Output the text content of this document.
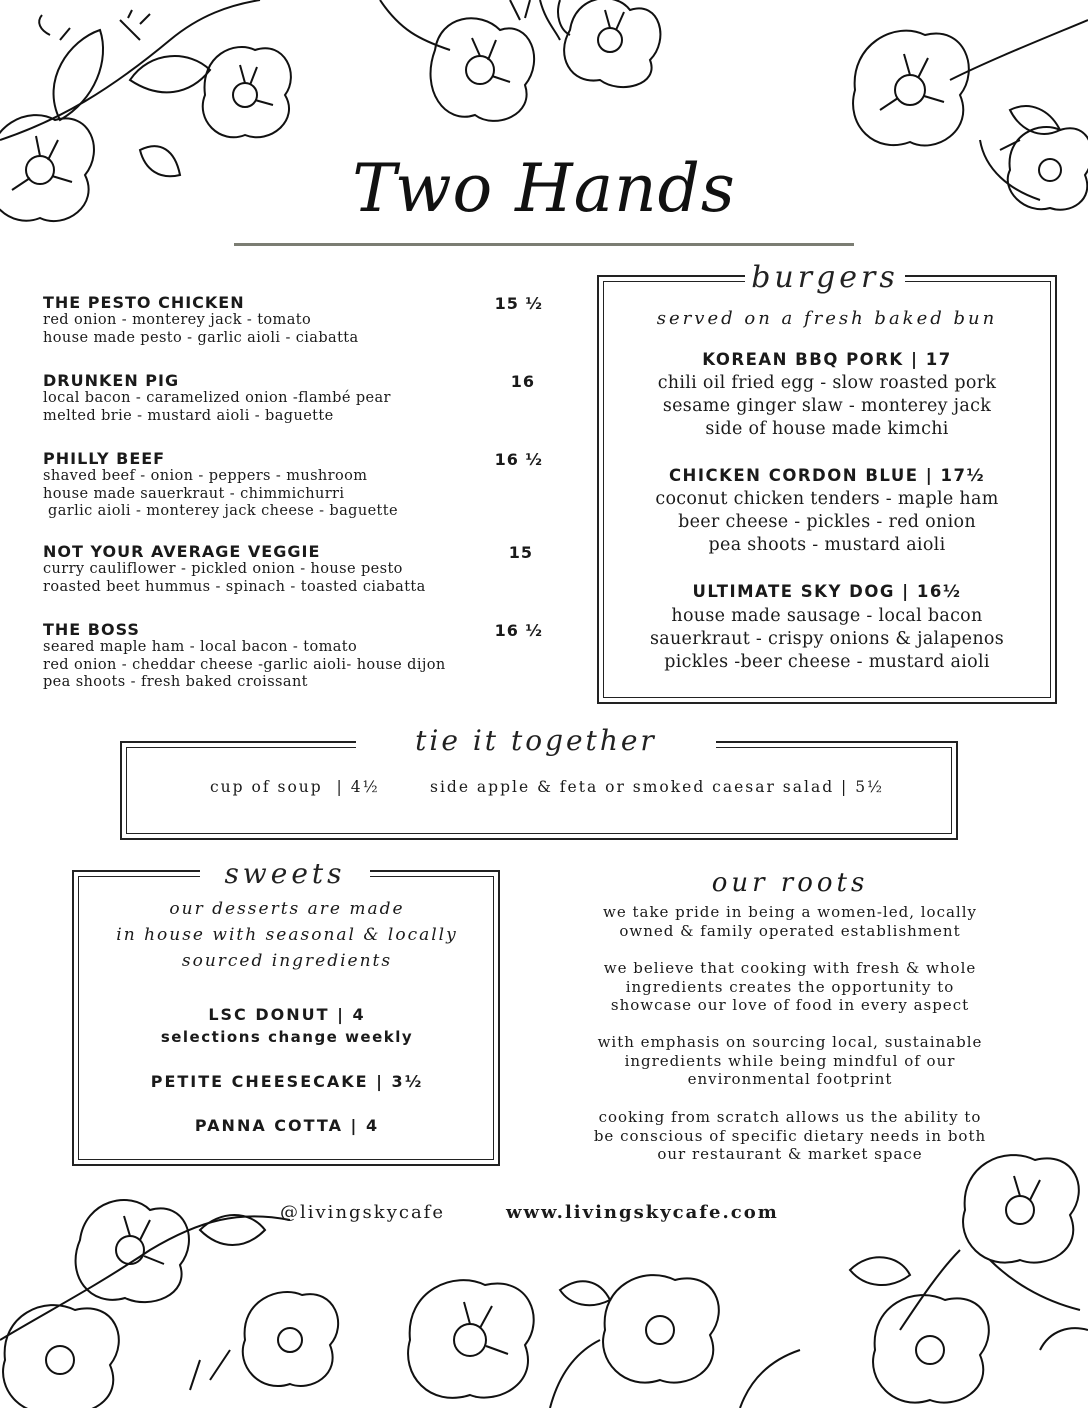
Two Hands
THE PESTO CHICKEN	15 ½
red onion - monterey jack - tomato
house made pesto - garlic aioli - ciabatta
DRUNKEN PIG	16
local bacon - caramelized onion -flambé pear
melted brie - mustard aioli - baguette
PHILLY BEEF	16 ½
shaved beef - onion - peppers - mushroom
house made sauerkraut - chimmichurri
garlic aioli - monterey jack cheese - baguette
NOT YOUR AVERAGE VEGGIE	15
curry cauliflower - pickled onion - house pesto
roasted beet hummus - spinach - toasted ciabatta
THE BOSS	16 ½
seared maple ham - local bacon - tomato
red onion - cheddar cheese -garlic aioli- house dijon
pea shoots - fresh baked croissant
burgers
served on a fresh baked bun
KOREAN BBQ PORK | 17
chili oil fried egg - slow roasted pork
sesame ginger slaw - monterey jack
side of house made kimchi
CHICKEN CORDON BLUE | 17½
coconut chicken tenders - maple ham
beer cheese - pickles - red onion
pea shoots - mustard aioli
ULTIMATE SKY DOG | 16½
house made sausage - local bacon
sauerkraut - crispy onions & jalapenos
pickles -beer cheese - mustard aioli
tie it together
cup of soup  | 4½	side apple & feta or smoked caesar salad | 5½
sweets
our desserts are made
in house with seasonal & locally
sourced ingredients
LSC DONUT | 4
selections change weekly
PETITE CHEESECAKE | 3½
PANNA COTTA | 4
our roots
we take pride in being a women-led, locally
owned & family operated establishment
we believe that cooking with fresh & whole
ingredients creates the opportunity to
showcase our love of food in every aspect
with emphasis on sourcing local, sustainable
ingredients while being mindful of our
environmental footprint
cooking from scratch allows us the ability to
be conscious of specific dietary needs in both
our restaurant & market space
@livingskycafe	www.livingskycafe.com
